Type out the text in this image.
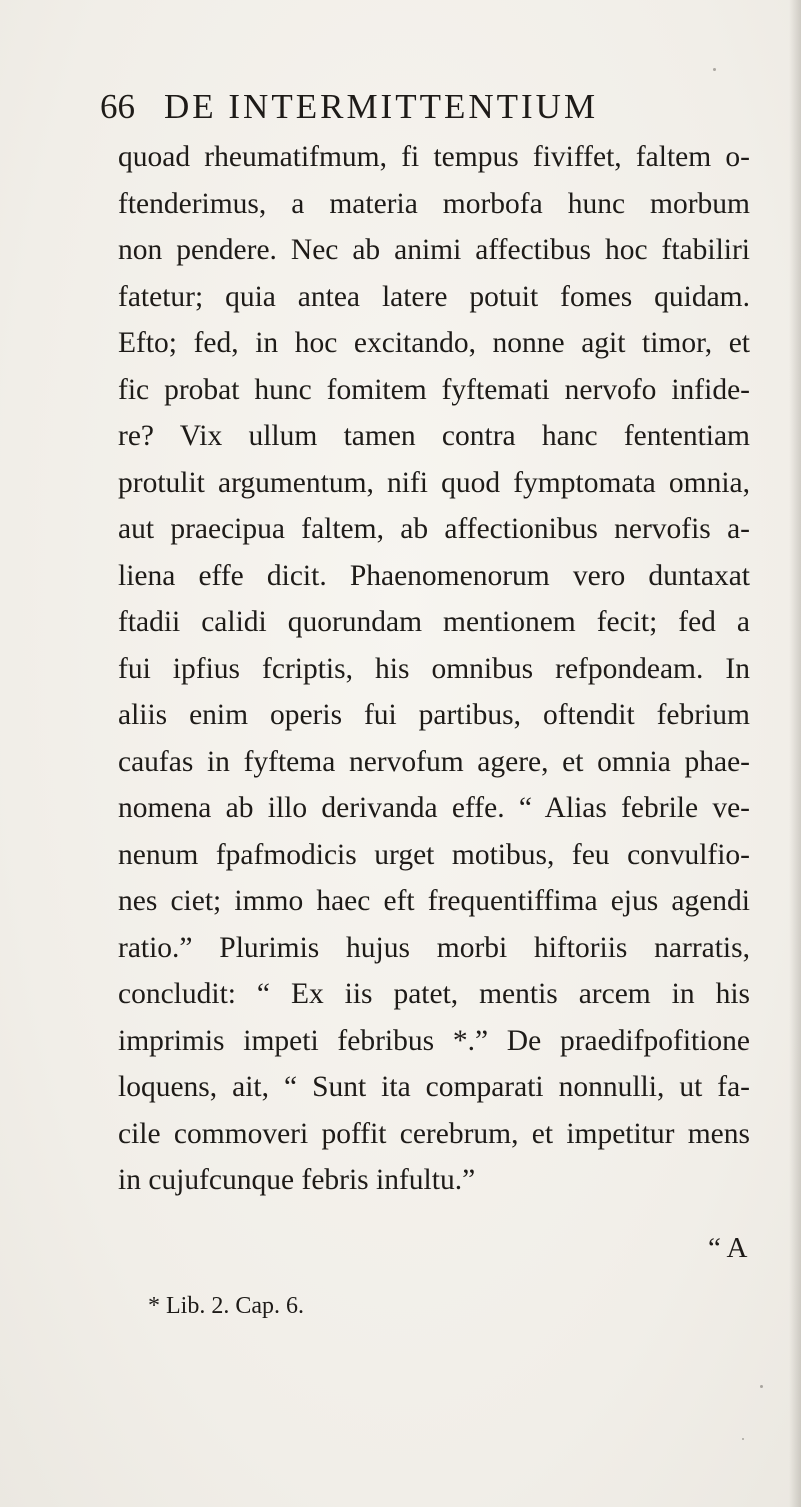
66 DE INTERMITTENTIUM
quoad rheumatifmum, fi tempus fiviffet, faltem o-
ftenderimus, a materia morbofa hunc morbum
non pendere. Nec ab animi affectibus hoc ftabiliri
fatetur; quia antea latere potuit fomes quidam.
Efto; fed, in hoc excitando, nonne agit timor, et
fic probat hunc fomitem fyftemati nervofo infide-
re? Vix ullum tamen contra hanc fententiam
protulit argumentum, nifi quod fymptomata omnia,
aut praecipua faltem, ab affectionibus nervofis a-
liena effe dicit. Phaenomenorum vero duntaxat
ftadii calidi quorundam mentionem fecit; fed a
fui ipfius fcriptis, his omnibus refpondeam. In
aliis enim operis fui partibus, oftendit febrium
caufas in fyftema nervofum agere, et omnia phae-
nomena ab illo derivanda effe. “ Alias febrile ve-
nenum fpafmodicis urget motibus, feu convulfio-
nes ciet; immo haec eft frequentiffima ejus agendi
ratio.” Plurimis hujus morbi hiftoriis narratis,
concludit: “ Ex iis patet, mentis arcem in his
imprimis impeti febribus *.” De praedifpofitione
loquens, ait, “ Sunt ita comparati nonnulli, ut fa-
cile commoveri poffit cerebrum, et impetitur mens
in cujufcunque febris infultu.”
“ A
* Lib. 2. Cap. 6.
